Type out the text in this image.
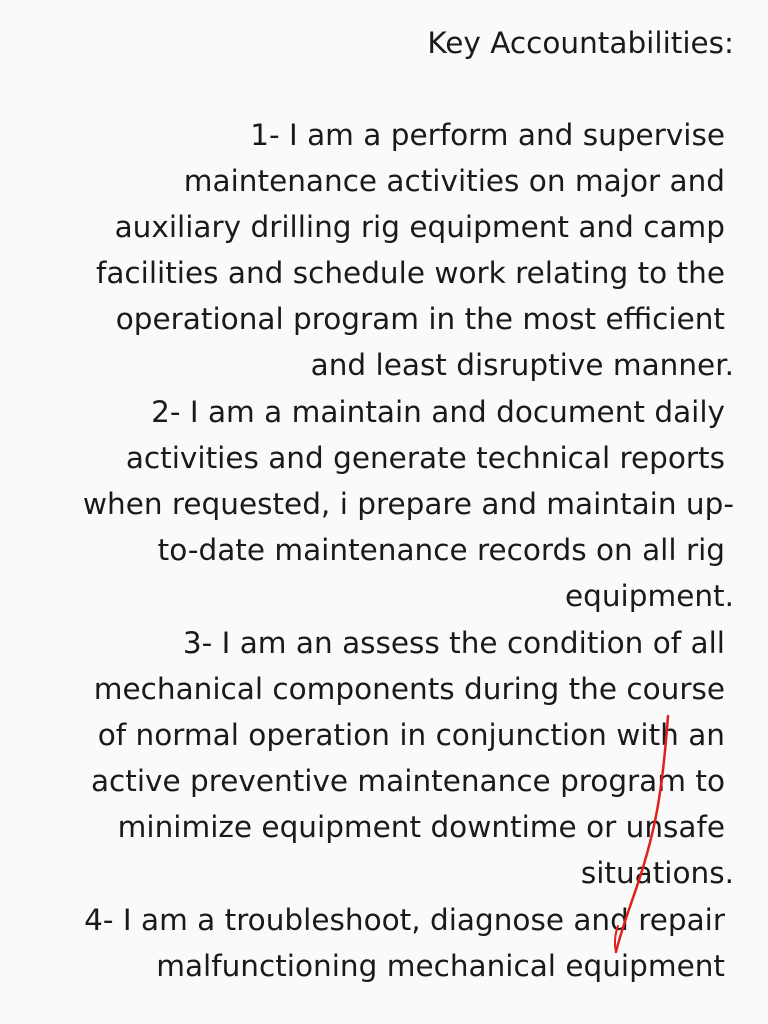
Key Accountabilities:
1- I am a perform and supervise
maintenance activities on major and
auxiliary drilling rig equipment and camp
facilities and schedule work relating to the
operational program in the most efficient
and least disruptive manner.
2- I am a maintain and document daily
activities and generate technical reports
when requested, i prepare and maintain up-
to-date maintenance records on all rig
equipment.
3- I am an assess the condition of all
mechanical components during the course
of normal operation in conjunction with an
active preventive maintenance program to
minimize equipment downtime or unsafe
situations.
4- I am a troubleshoot, diagnose and repair
malfunctioning mechanical equipment
